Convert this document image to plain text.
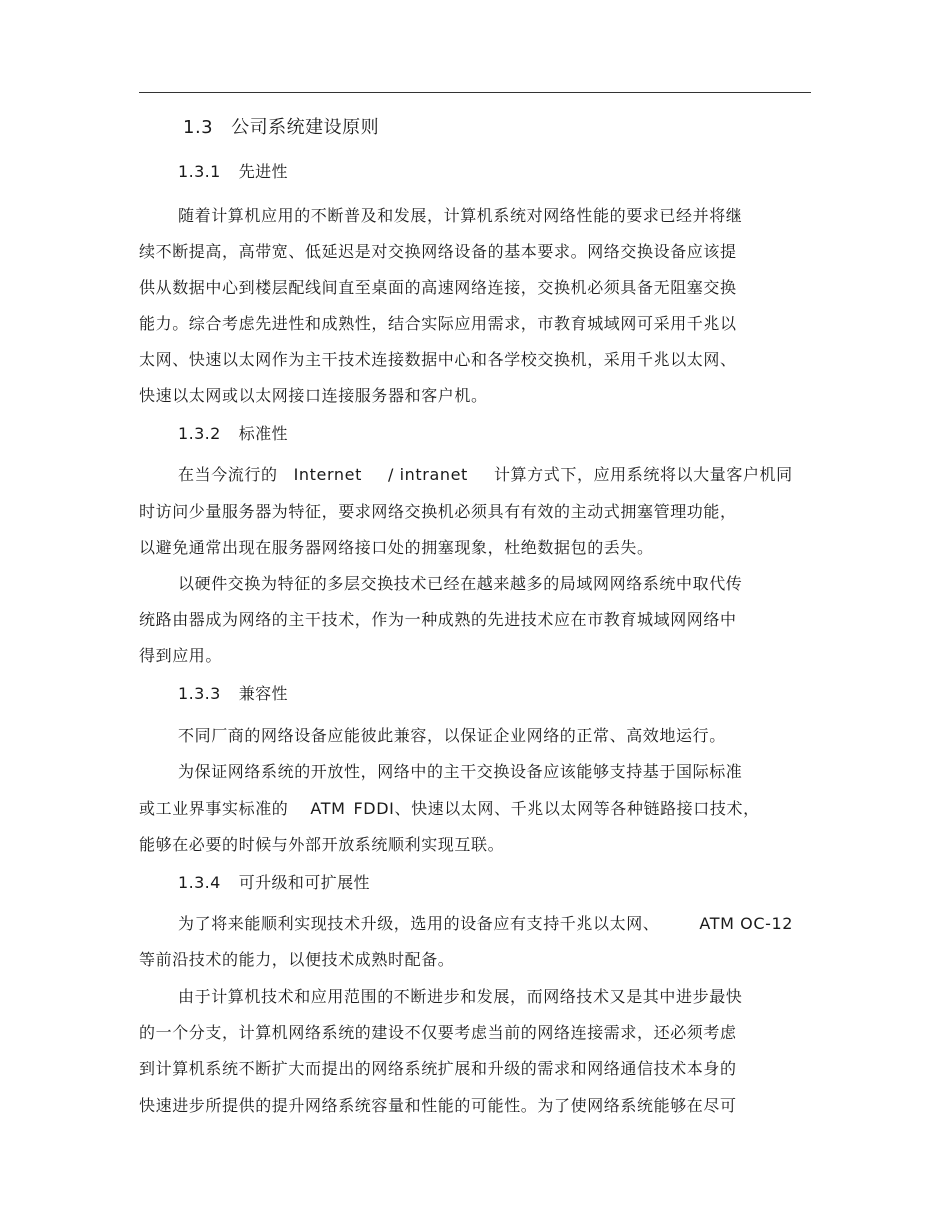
1.3 公司系统建设原则
1.3.1 先进性
随着计算机应用的不断普及和发展，计算机系统对网络性能的要求已经并将继
续不断提高，高带宽、低延迟是对交换网络设备的基本要求。网络交换设备应该提
供从数据中心到楼层配线间直至桌面的高速网络连接，交换机必须具备无阻塞交换
能力。综合考虑先进性和成熟性，结合实际应用需求，市教育城域网可采用千兆以
太网、快速以太网作为主干技术连接数据中心和各学校交换机，采用千兆以太网、
快速以太网或以太网接口连接服务器和客户机。
1.3.2 标准性
在当今流行的 Internet / intranet 计算方式下，应用系统将以大量客户机同
时访问少量服务器为特征，要求网络交换机必须具有有效的主动式拥塞管理功能，
以避免通常出现在服务器网络接口处的拥塞现象，杜绝数据包的丢失。
以硬件交换为特征的多层交换技术已经在越来越多的局域网网络系统中取代传
统路由器成为网络的主干技术，作为一种成熟的先进技术应在市教育城域网网络中
得到应用。
1.3.3 兼容性
不同厂商的网络设备应能彼此兼容，以保证企业网络的正常、高效地运行。
为保证网络系统的开放性，网络中的主干交换设备应该能够支持基于国际标准
或工业界事实标准的 ATM FDDI、快速以太网、千兆以太网等各种链路接口技术，
能够在必要的时候与外部开放系统顺利实现互联。
1.3.4 可升级和可扩展性
为了将来能顺利实现技术升级，选用的设备应有支持千兆以太网、	ATM OC-12
等前沿技术的能力，以便技术成熟时配备。
由于计算机技术和应用范围的不断进步和发展，而网络技术又是其中进步最快
的一个分支，计算机网络系统的建设不仅要考虑当前的网络连接需求，还必须考虑
到计算机系统不断扩大而提出的网络系统扩展和升级的需求和网络通信技术本身的
快速进步所提供的提升网络系统容量和性能的可能性。为了使网络系统能够在尽可
